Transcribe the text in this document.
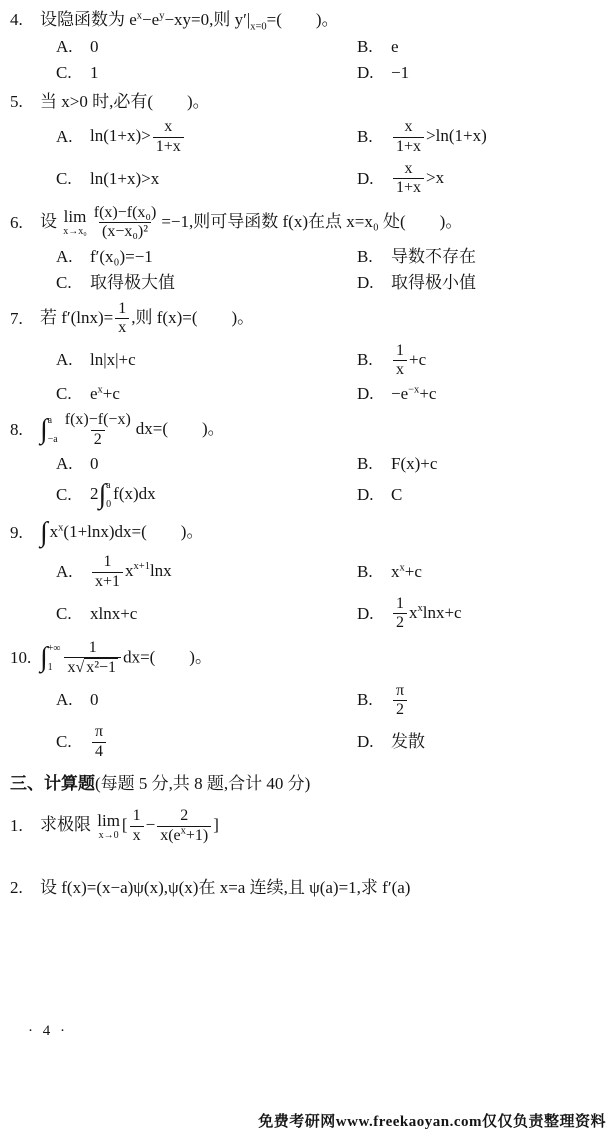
4.	设隐函数为 $e^x-e^y-xy=0$,则 $y'|_{x=0}=$(　　)。
A.	0	B.	e
C.	1	D.	−1
5.	当 x>0 时,必有(　　)。
A.	$\ln(1+x)> \frac{x}{1+x}$	B.	$\frac{x}{1+x} >\ln(1+x)$
C.	ln(1+x)>x	D.	$\frac{x}{1+x} >x$
6.	设 lim
$x\to x_0 \frac{\text{f(x)−f(x₀)}}{\text{(x−x₀)²}} =-1$,则可导函数 f(x)在点 x=x₀ 处(　　)。
A.	f′(x₀)=−1	B.	导数不存在
C.	取得极大值	D.	取得极小值
7.	若 $f'(\ln x)= \frac{1}{x}$ ,则 f(x)=(　　)。
A.	ln|x|+c	B.	$\frac{1}{x} +c$
C.	$e^x+c$	D.	$-e^{-x}+c$
8. ∫ a
$-a \frac{f(x)-f(-x)}{2} dx=$(　　)。
A.	0	B.	F(x)+c
C.	2 ∫ a
0
f(x)dx	D.	C
9. ∫ $x^x(1+\ln x)dx=$(　　)。
A.	$\frac{1}{x+1} x^{x+1}\ln x$	B.	$x^x+c$
C.	xlnx+c	D.	$\frac{1}{2} x^x\ln x+c$
10. ∫ +∞
$1 \frac{1}{\text{x √ x²−1}} dx=$(　　)。
A.	0	B.	$\frac{\pi}{2}$
C.	$\frac{\pi}{4}$	D.	发散
三、计算题(每题 5 分,共 8 题,合计 40 分)
1.	求极限 lim
x→0
[ $\frac{1}{x} - \frac{2}{x(e^x+1)}$ ]
2.	设 f(x)=(x−a)ψ(x),ψ(x)在 x=a 连续,且 ψ(a)=1,求 f′(a)
· 4 ·
免费考研网www.freekaoyan.com仅仅负责整理资料
